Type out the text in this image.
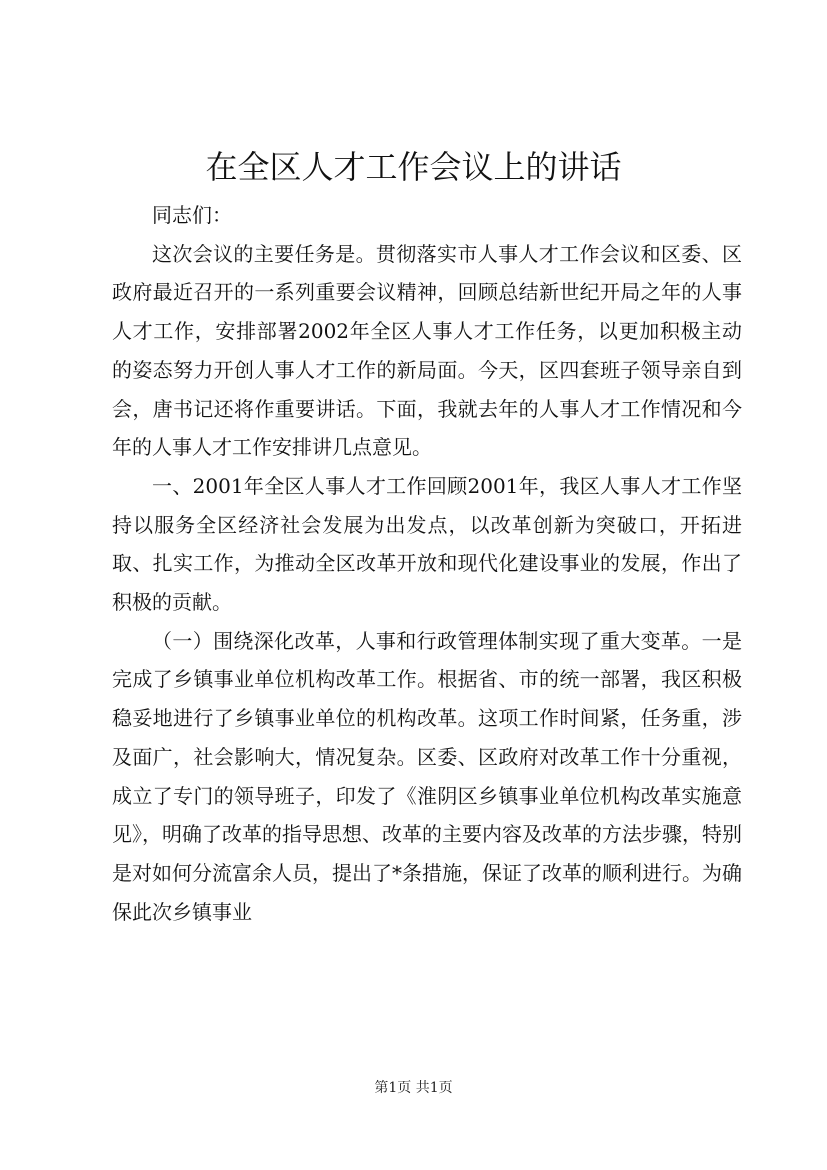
在全区人才工作会议上的讲话

同志们：

这次会议的主要任务是。贯彻落实市人事人才工作会议和区委、区政府最近召开的一系列重要会议精神，回顾总结新世纪开局之年的人事人才工作，安排部署2002年全区人事人才工作任务，以更加积极主动的姿态努力开创人事人才工作的新局面。今天，区四套班子领导亲自到会，唐书记还将作重要讲话。下面，我就去年的人事人才工作情况和今年的人事人才工作安排讲几点意见。

一、2001年全区人事人才工作回顾2001年，我区人事人才工作坚持以服务全区经济社会发展为出发点，以改革创新为突破口，开拓进取、扎实工作，为推动全区改革开放和现代化建设事业的发展，作出了积极的贡献。

（一）围绕深化改革，人事和行政管理体制实现了重大变革。一是完成了乡镇事业单位机构改革工作。根据省、市的统一部署，我区积极稳妥地进行了乡镇事业单位的机构改革。这项工作时间紧，任务重，涉及面广，社会影响大，情况复杂。区委、区政府对改革工作十分重视，成立了专门的领导班子，印发了《淮阴区乡镇事业单位机构改革实施意见》，明确了改革的指导思想、改革的主要内容及改革的方法步骤，特别是对如何分流富余人员，提出了*条措施，保证了改革的顺利进行。为确保此次乡镇事业

第1页 共1页
